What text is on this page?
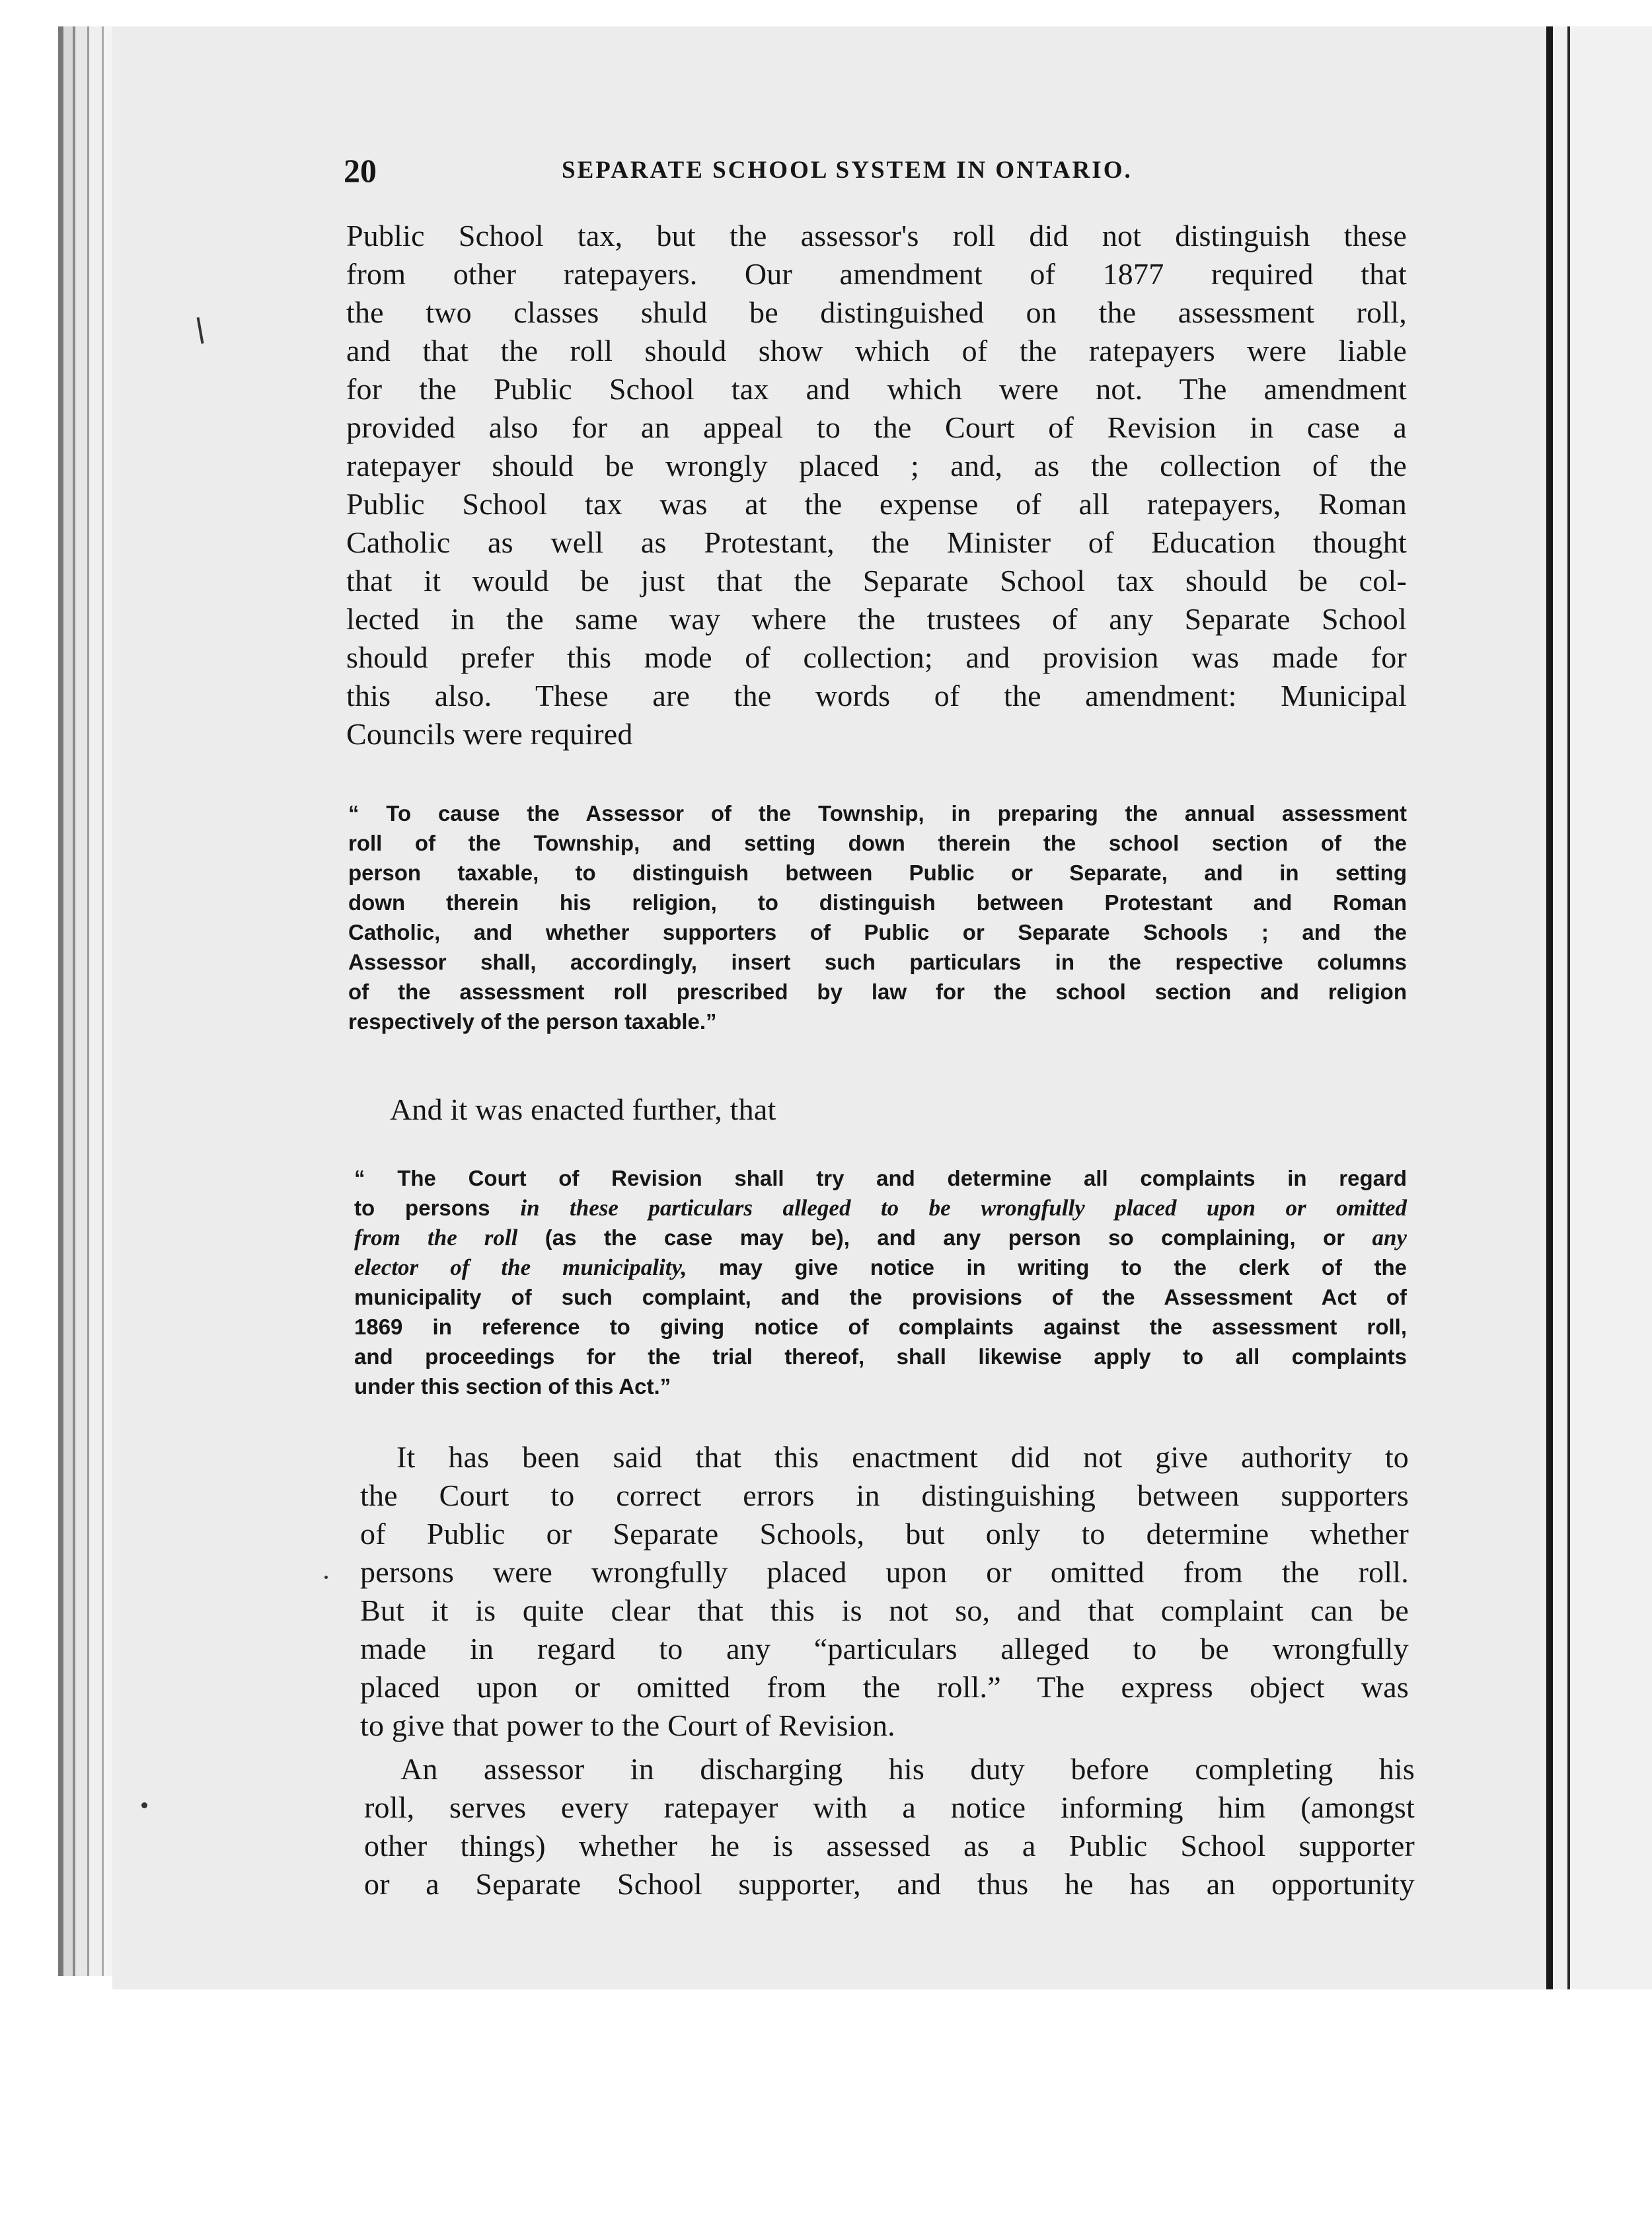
20	SEPARATE SCHOOL SYSTEM IN ONTARIO.
Public School tax, but the assessor's roll did not distinguish these
from other ratepayers. Our amendment of 1877 required that
the two classes shuld be distinguished on the assessment roll,
and that the roll should show which of the ratepayers were liable
for the Public School tax and which were not. The amendment
provided also for an appeal to the Court of Revision in case a
ratepayer should be wrongly placed ; and, as the collection of the
Public School tax was at the expense of all ratepayers, Roman
Catholic as well as Protestant, the Minister of Education thought
that it would be just that the Separate School tax should be col-
lected in the same way where the trustees of any Separate School
should prefer this mode of collection; and provision was made for
this also. These are the words of the amendment: Municipal
Councils were required
“ To cause the Assessor of the Township, in preparing the annual assessment
roll of the Township, and setting down therein the school section of the
person taxable, to distinguish between Public or Separate, and in setting
down therein his religion, to distinguish between Protestant and Roman
Catholic, and whether supporters of Public or Separate Schools ; and the
Assessor shall, accordingly, insert such particulars in the respective columns
of the assessment roll prescribed by law for the school section and religion
respectively of the person taxable.”
And it was enacted further, that
“ The Court of Revision shall try and determine all complaints in regard
to persons in these particulars alleged to be wrongfully placed upon or omitted
from the roll (as the case may be), and any person so complaining, or any
elector of the municipality, may give notice in writing to the clerk of the
municipality of such complaint, and the provisions of the Assessment Act of
1869 in reference to giving notice of complaints against the assessment roll,
and proceedings for the trial thereof, shall likewise apply to all complaints
under this section of this Act.”
It has been said that this enactment did not give authority to
the Court to correct errors in distinguishing between supporters
of Public or Separate Schools, but only to determine whether
persons were wrongfully placed upon or omitted from the roll.
But it is quite clear that this is not so, and that complaint can be
made in regard to any “particulars alleged to be wrongfully
placed upon or omitted from the roll.” The express object was
to give that power to the Court of Revision.
An assessor in discharging his duty before completing his
roll, serves every ratepayer with a notice informing him (amongst
other things) whether he is assessed as a Public School supporter
or a Separate School supporter, and thus he has an opportunity
